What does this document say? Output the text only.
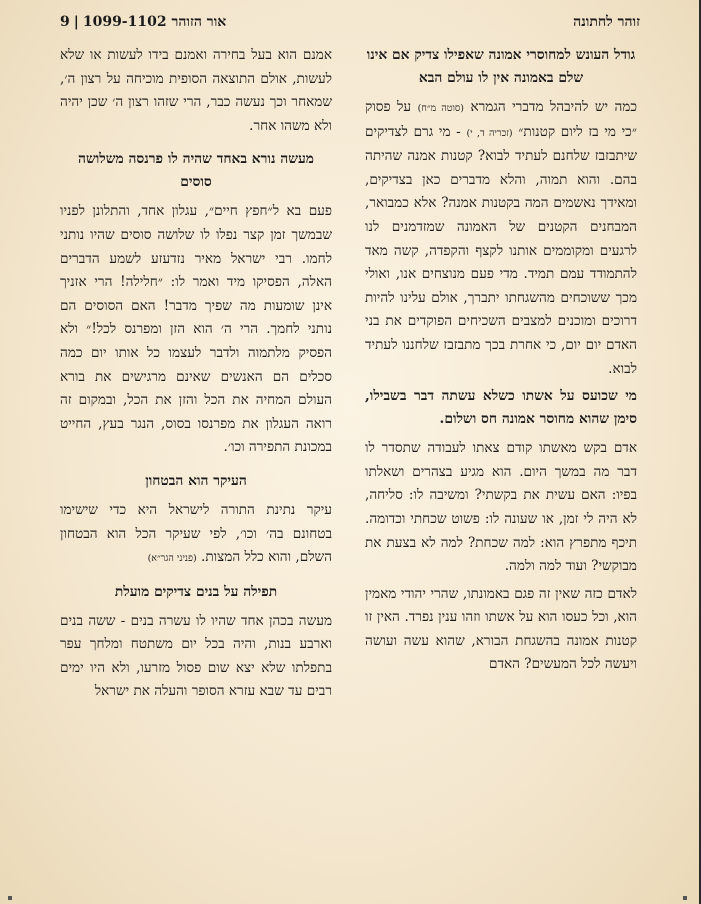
אור הזוהר 1099-1102|9	זוהר לחתונה
גודל העונש למחוסרי אמונה שאפילו צדיק אם אינו שלם באמונה אין לו עולם הבא

כמה יש להיבהל מדברי הגמרא (סוטה מ״ח) על פסוק ״כי מי בז ליום קטנות״ (זכריה ד, י) - מי גרם לצדיקים שיתבזבז שלחנם לעתיד לבוא? קטנות אמנה שהיתה בהם. והוא תמוה, והלא מדברים כאן בצדיקים, ומאידך נאשמים המה בקטנות אמנה? אלא כמבואר, המבחנים הקטנים של האמונה שמזדמנים לנו לרגעים ומקוממים אותנו לקצף והקפדה, קשה מאד להתמודד עמם תמיד. מדי פעם מנוצחים אנו, ואולי מכך ששוכחים מהשגחתו יתברך, אולם עלינו להיות דרוכים ומוכנים למצבים השכיחים הפוקדים את בני האדם יום יום, כי אחרת בכך מתבזבז שלחננו לעתיד לבוא.

מי שכועס על אשתו כשלא עשתה דבר בשבילו, סימן שהוא מחוסר אמונה חס ושלום.

אדם בקש מאשתו קודם צאתו לעבודה שתסדר לו דבר מה במשך היום. הוא מגיע בצהרים ושאלתו בפיו: האם עשית את בקשתי? ומשיבה לו: סליחה, לא היה לי זמן, או שעונה לו: פשוט שכחתי וכדומה. תיכף מתפרץ הוא: למה שכחת? למה לא בצעת את מבוקשי? ועוד למה ולמה.

לאדם כזה שאין זה פגם באמונתו, שהרי יהודי מאמין הוא, וכל כעסו הוא על אשתו וזהו ענין נפרד. האין זו קטנות אמונה בהשגחת הבורא, שהוא עשה ועושה ויעשה לכל המעשים? האדם

אמנם הוא בעל בחירה ואמנם בידו לעשות או שלא לעשות, אולם התוצאה הסופית מוכיחה על רצון ה׳, שמאחר וכך נעשה כבר, הרי שזהו רצון ה׳ שכן יהיה ולא משהו אחר.

מעשה נורא באחד שהיה לו פרנסה משלושה סוסים

פעם בא ל״חפץ חיים״, עגלון אחד, והתלונן לפניו שבמשך זמן קצר נפלו לו שלושה סוסים שהיו נותני לחמו. רבי ישראל מאיר נזדעזע לשמע הדברים האלה, הפסיקו מיד ואמר לו: ״חלילה! הרי אזניך אינן שומעות מה שפיך מדבר! האם הסוסים הם נותני לחמך. הרי ה׳ הוא הזן ומפרנס לכל!״ ולא הפסיק מלתמוה ולדבר לעצמו כל אותו יום כמה סכלים הם האנשים שאינם מרגישים את בורא העולם המחיה את הכל והזן את הכל, ובמקום זה רואה העגלון את מפרנסו בסוס, הנגר בעץ, החייט במכונת התפירה וכו׳.

העיקר הוא הבטחון

עיקר נתינת התורה לישראל היא כדי שישימו בטחונם בה׳ וכו׳, לפי שעיקר הכל הוא הבטחון השלם, והוא כלל המצות. (פניני הגר״א)

תפילה על בנים צדיקים מועלת

מעשה בכהן אחד שהיו לו עשרה בנים - ששה בנים וארבע בנות, והיה בכל יום משתטח ומלחך עפר בתפלתו שלא יצא שום פסול מזרעו, ולא היו ימים רבים עד שבא עזרא הסופר והעלה את ישראל
